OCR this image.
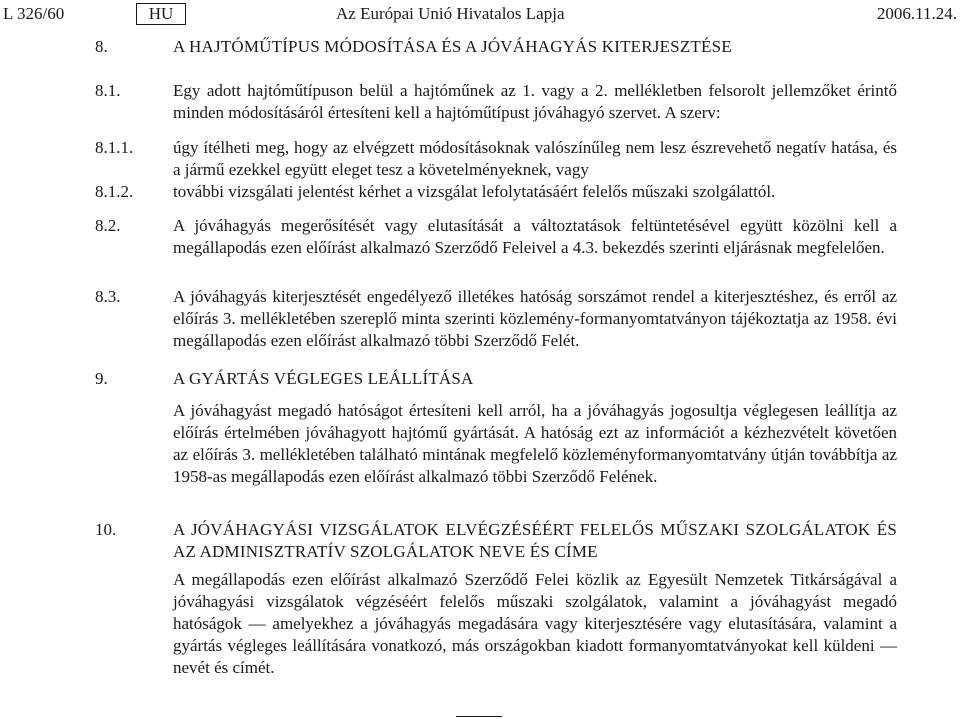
L 326/60	HU	Az Európai Unió Hivatalos Lapja	2006.11.24.
8.	A HAJTÓMŰTÍPUS MÓDOSÍTÁSA ÉS A JÓVÁHAGYÁS KITERJESZTÉSE
8.1.	Egy adott hajtóműtípuson belül a hajtóműnek az 1. vagy a 2. mellékletben felsorolt jellemzőket érintő minden módosításáról értesíteni kell a hajtóműtípust jóváhagyó szervet. A szerv:
8.1.1. úgy ítélheti meg, hogy az elvégzett módosításoknak valószínűleg nem lesz észrevehető negatív hatása, és a jármű ezekkel együtt eleget tesz a követelményeknek, vagy
8.1.2. további vizsgálati jelentést kérhet a vizsgálat lefolytatásáért felelős műszaki szolgálattól.
8.2.	A jóváhagyás megerősítését vagy elutasítását a változtatások feltüntetésével együtt közölni kell a megállapodás ezen előírást alkalmazó Szerződő Feleivel a 4.3. bekezdés szerinti eljárásnak megfelelően.
8.3.	A jóváhagyás kiterjesztését engedélyező illetékes hatóság sorszámot rendel a kiterjesztéshez, és erről az előírás 3. mellékletében szereplő minta szerinti közlemény-formanyomtatványon tájékoztatja az 1958. évi megállapodás ezen előírást alkalmazó többi Szerződő Felét.
9.	A GYÁRTÁS VÉGLEGES LEÁLLÍTÁSA
A jóváhagyást megadó hatóságot értesíteni kell arról, ha a jóváhagyás jogosultja véglegesen leállítja az előírás értelmében jóváhagyott hajtómű gyártását. A hatóság ezt az információt a kézhezvételt követően az előírás 3. mellékletében található mintának megfelelő közleményformanyomtatvány útján továbbítja az 1958-as megállapodás ezen előírást alkalmazó többi Szerződő Felének.
10.	A JÓVÁHAGYÁSI VIZSGÁLATOK ELVÉGZÉSÉÉRT FELELŐS MŰSZAKI SZOLGÁLATOK ÉS AZ ADMINISZTRATÍV SZOLGÁLATOK NEVE ÉS CÍME
A megállapodás ezen előírást alkalmazó Szerződő Felei közlik az Egyesült Nemzetek Titkárságával a jóváhagyási vizsgálatok végzéséért felelős műszaki szolgálatok, valamint a jóváhagyást megadó hatóságok — amelyekhez a jóváhagyás megadására vagy kiterjesztésére vagy elutasítására, valamint a gyártás végleges leállítására vonatkozó, más országokban kiadott formanyomtatványokat kell küldeni — nevét és címét.
